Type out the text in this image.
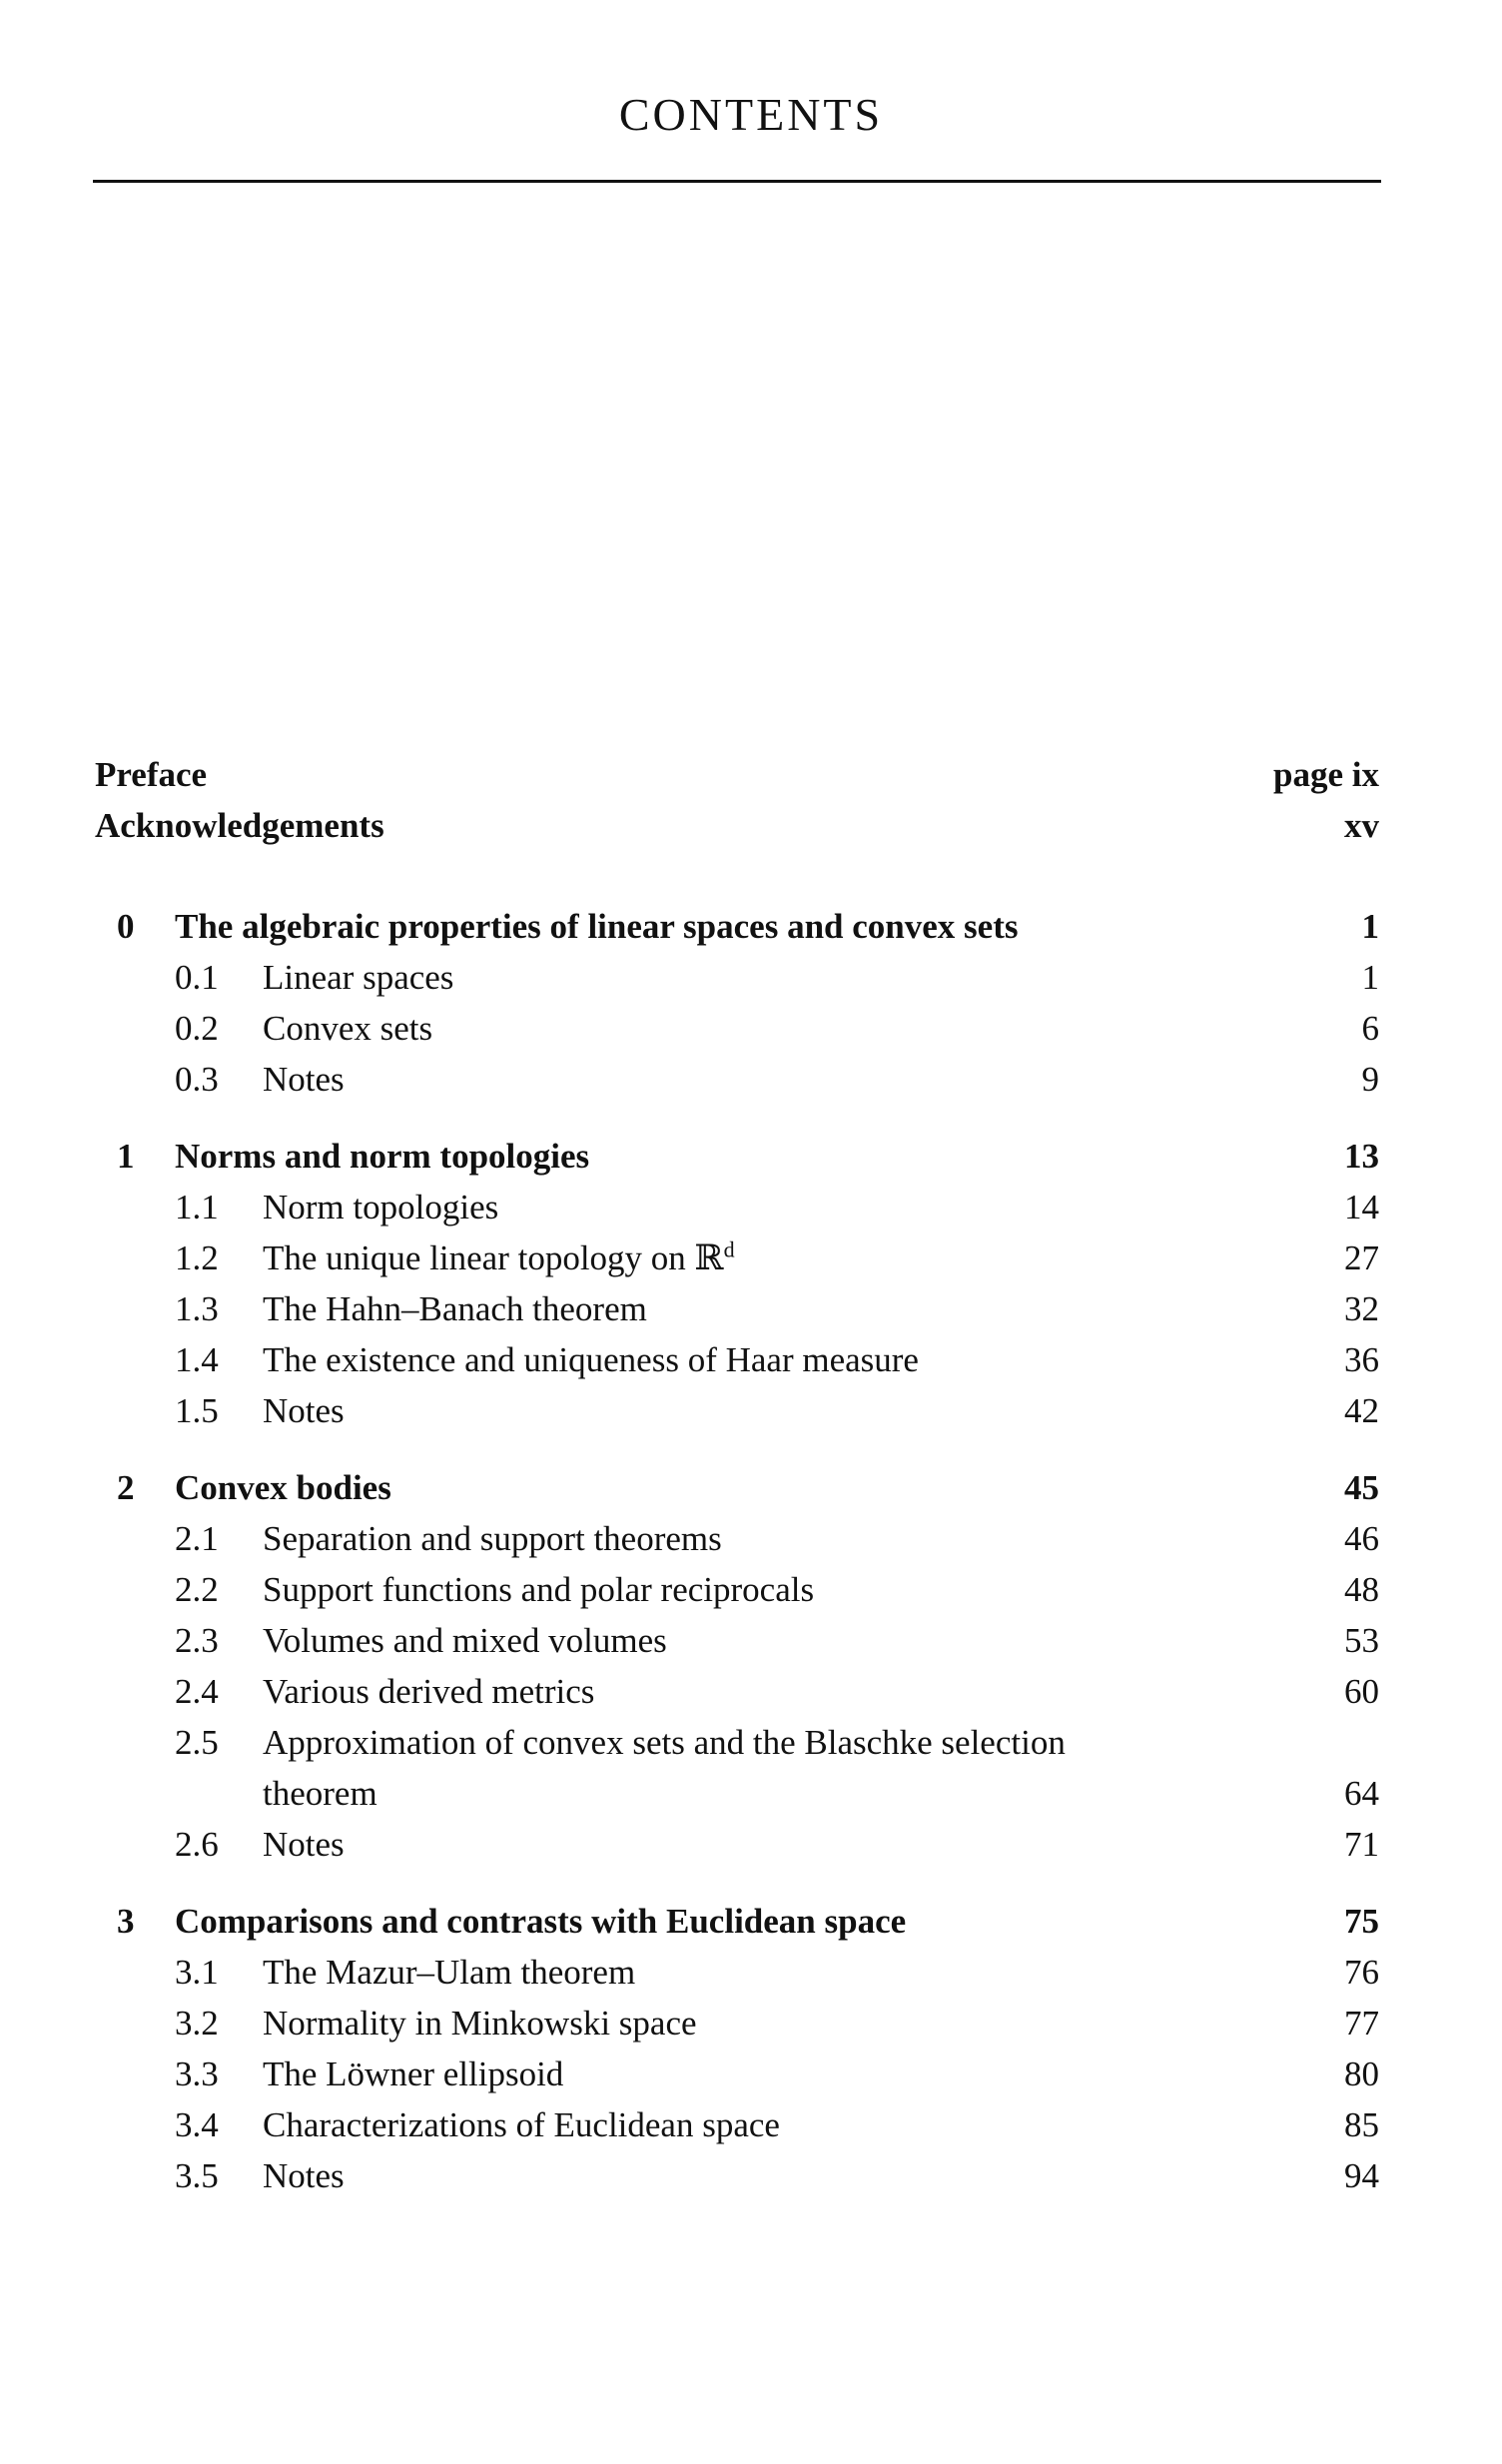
CONTENTS
Preface	page ix
Acknowledgements	xv
0	The algebraic properties of linear spaces and convex sets	1
0.1	Linear spaces	1
0.2	Convex sets	6
0.3	Notes	9
1	Norms and norm topologies	13
1.1	Norm topologies	14
1.2	The unique linear topology on ℝ$^d$	27
1.3	The Hahn–Banach theorem	32
1.4	The existence and uniqueness of Haar measure	36
1.5	Notes	42
2	Convex bodies	45
2.1	Separation and support theorems	46
2.2	Support functions and polar reciprocals	48
2.3	Volumes and mixed volumes	53
2.4	Various derived metrics	60
2.5	Approximation of convex sets and the Blaschke selection
theorem	64
2.6	Notes	71
3	Comparisons and contrasts with Euclidean space	75
3.1	The Mazur–Ulam theorem	76
3.2	Normality in Minkowski space	77
3.3	The Löwner ellipsoid	80
3.4	Characterizations of Euclidean space	85
3.5	Notes	94
